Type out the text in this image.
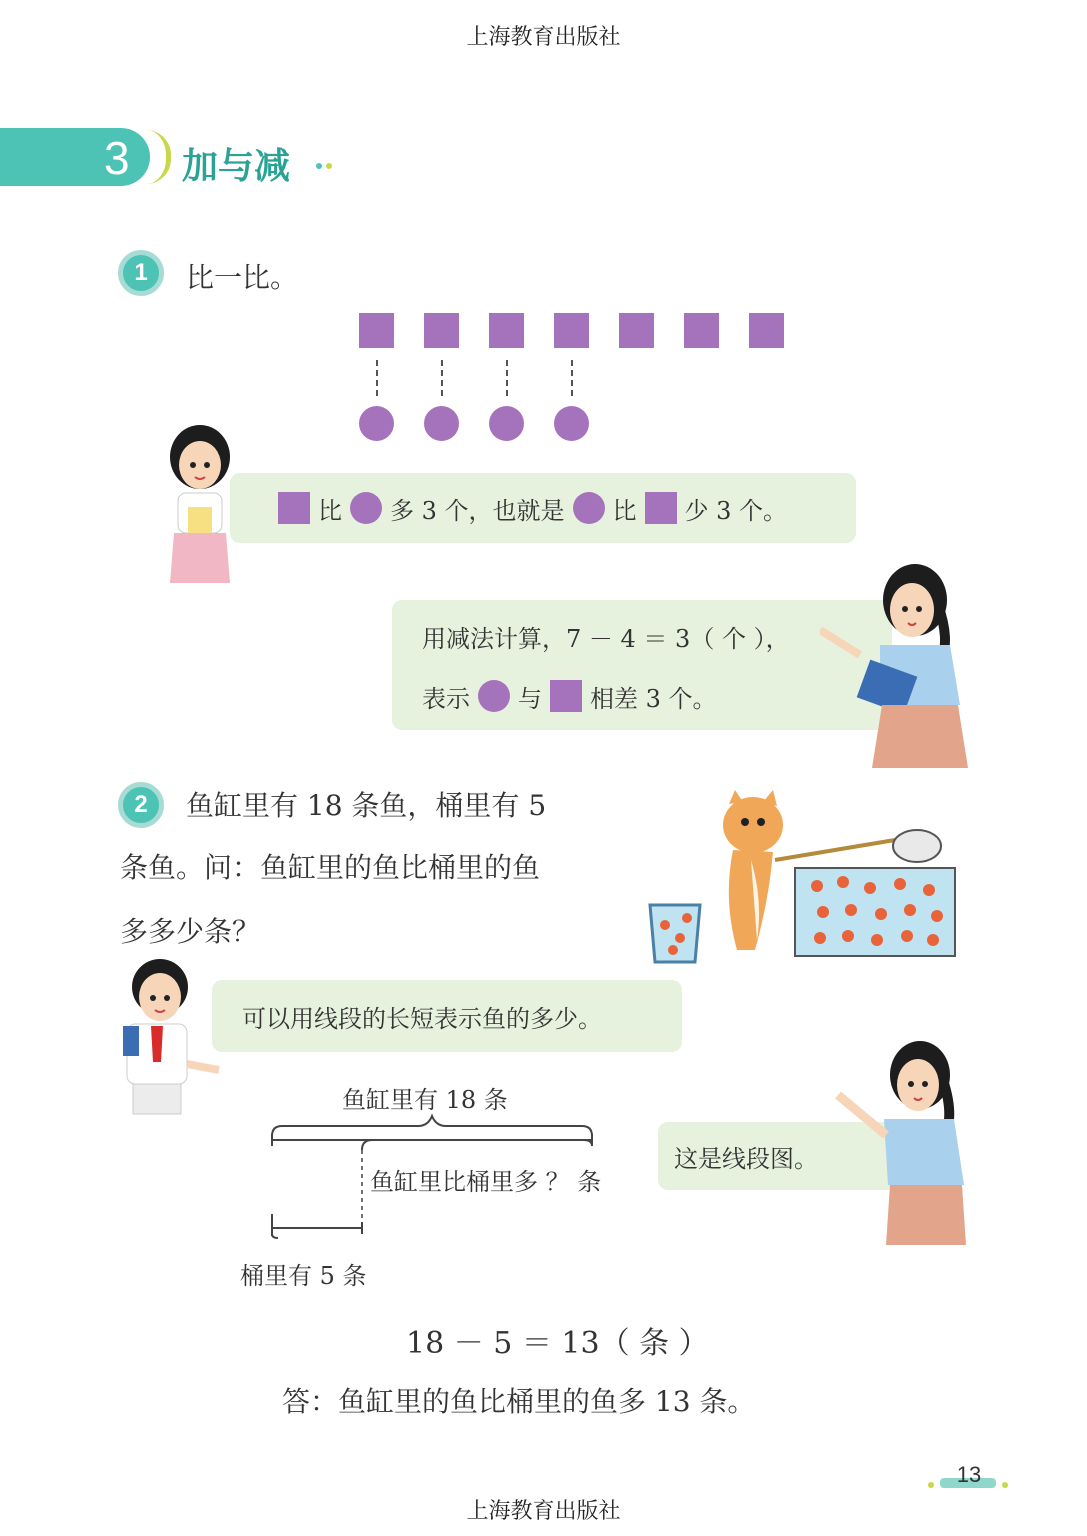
上海教育出版社
3 加与减
1	比一比。
比 多 3 个，也就是 比 少 3 个。
用减法计算，7 － 4 ＝ 3（ 个 ），
表示 与 相差 3 个。
2	鱼缸里有 18 条鱼，桶里有 5
条鱼。问：鱼缸里的鱼比桶里的鱼
多多少条？
可以用线段的长短表示鱼的多少。
鱼缸里有 18 条
鱼缸里比桶里多 ？ 条
桶里有 5 条
这是线段图。
18 － 5 ＝ 13（ 条 ）
答：鱼缸里的鱼比桶里的鱼多 13 条。
13
上海教育出版社
